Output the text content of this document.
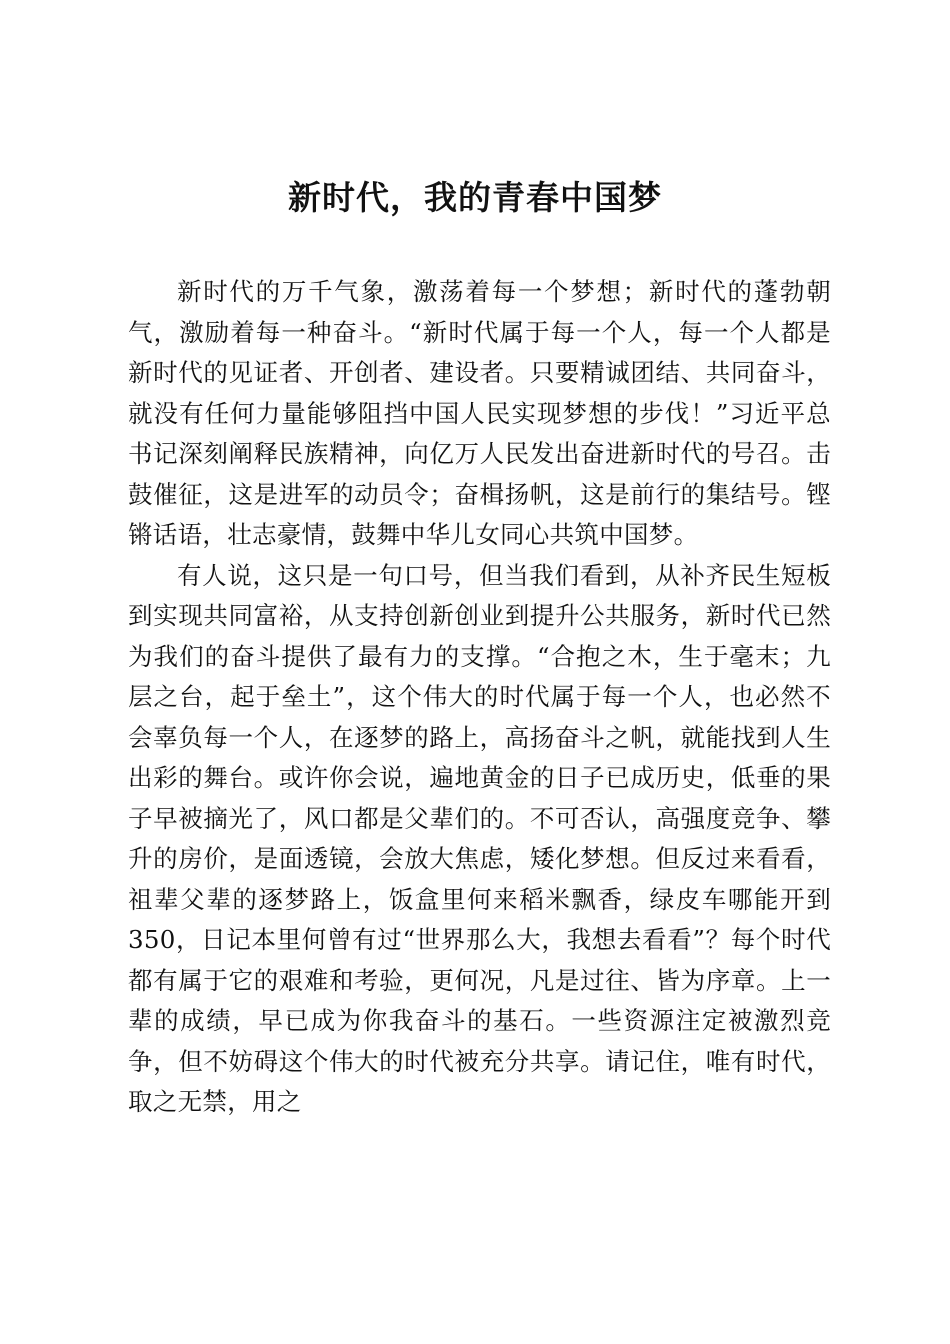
新时代，我的青春中国梦

新时代的万千气象，激荡着每一个梦想；新时代的蓬勃朝气，激励着每一种奋斗。“新时代属于每一个人，每一个人都是新时代的见证者、开创者、建设者。只要精诚团结、共同奋斗，就没有任何力量能够阻挡中国人民实现梦想的步伐！”习近平总书记深刻阐释民族精神，向亿万人民发出奋进新时代的号召。击鼓催征，这是进军的动员令；奋楫扬帆，这是前行的集结号。铿锵话语，壮志豪情，鼓舞中华儿女同心共筑中国梦。

有人说，这只是一句口号，但当我们看到，从补齐民生短板到实现共同富裕，从支持创新创业到提升公共服务，新时代已然为我们的奋斗提供了最有力的支撑。“合抱之木，生于毫末；九层之台，起于垒土”，这个伟大的时代属于每一个人，也必然不会辜负每一个人，在逐梦的路上，高扬奋斗之帆，就能找到人生出彩的舞台。或许你会说，遍地黄金的日子已成历史，低垂的果子早被摘光了，风口都是父辈们的。不可否认，高强度竞争、攀升的房价，是面透镜，会放大焦虑，矮化梦想。但反过来看看，祖辈父辈的逐梦路上，饭盒里何来稻米飘香，绿皮车哪能开到350，日记本里何曾有过“世界那么大，我想去看看”？每个时代都有属于它的艰难和考验，更何况，凡是过往、皆为序章。上一辈的成绩，早已成为你我奋斗的基石。一些资源注定被激烈竞争，但不妨碍这个伟大的时代被充分共享。请记住，唯有时代，取之无禁，用之
